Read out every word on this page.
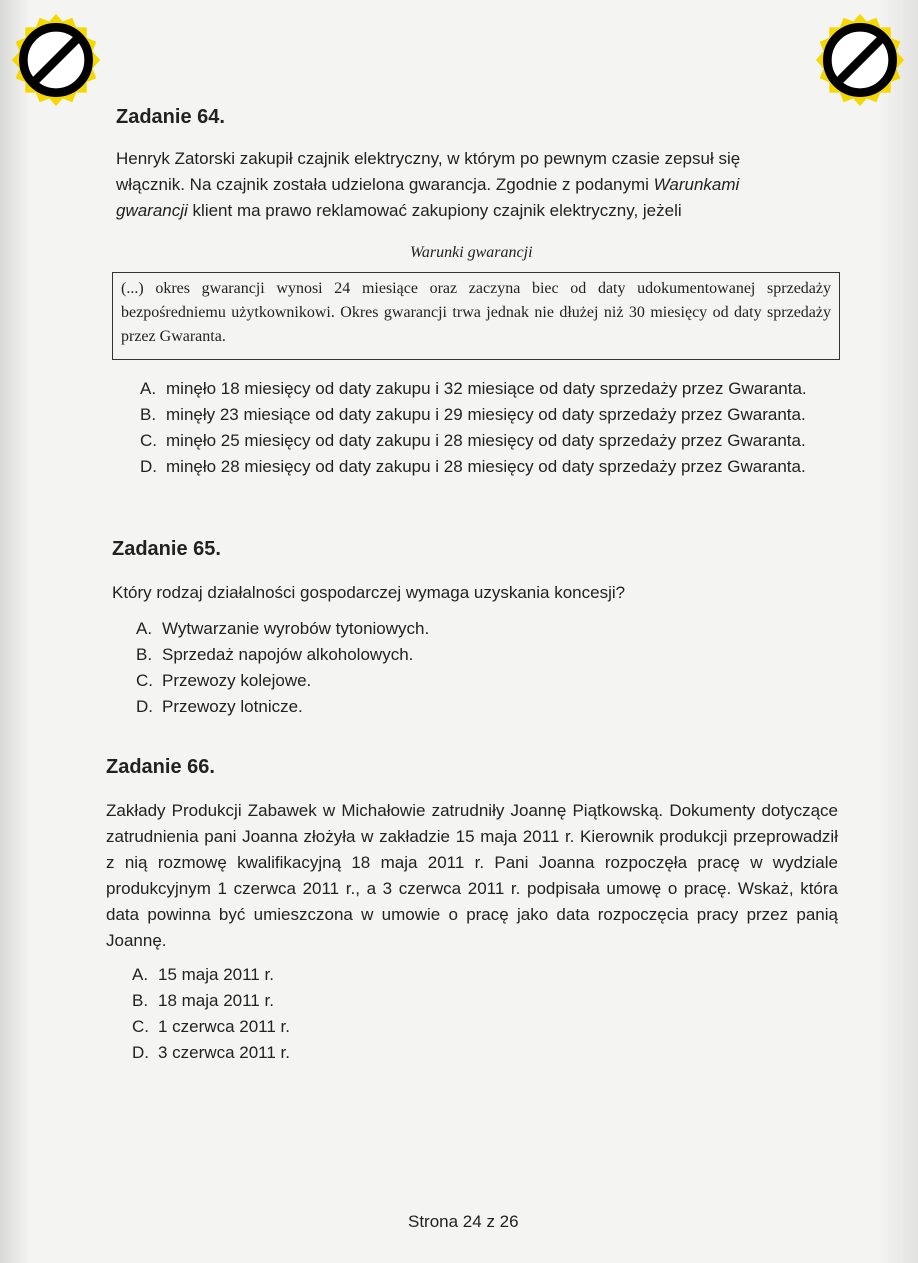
Zadanie 64.

Henryk Zatorski zakupił czajnik elektryczny, w którym po pewnym czasie zepsuł się
włącznik. Na czajnik została udzielona gwarancja. Zgodnie z podanymi Warunkami
gwarancji klient ma prawo reklamować zakupiony czajnik elektryczny, jeżeli

Warunki gwarancji
(...) okres gwarancji wynosi 24 miesiące oraz zaczyna biec od daty udokumentowanej sprzedaży bezpośredniemu użytkownikowi. Okres gwarancji trwa jednak nie dłużej niż 30 miesięcy od daty sprzedaży przez Gwaranta.
A. minęło 18 miesięcy od daty zakupu i 32 miesiące od daty sprzedaży przez Gwaranta.
B. minęły 23 miesiące od daty zakupu i 29 miesięcy od daty sprzedaży przez Gwaranta.
C. minęło 25 miesięcy od daty zakupu i 28 miesięcy od daty sprzedaży przez Gwaranta.
D. minęło 28 miesięcy od daty zakupu i 28 miesięcy od daty sprzedaży przez Gwaranta.
Zadanie 65.

Który rodzaj działalności gospodarczej wymaga uzyskania koncesji?

A. Wytwarzanie wyrobów tytoniowych.
B. Sprzedaż napojów alkoholowych.
C. Przewozy kolejowe.
D. Przewozy lotnicze.
Zadanie 66.

Zakłady Produkcji Zabawek w Michałowie zatrudniły Joannę Piątkowską. Dokumenty dotyczące zatrudnienia pani Joanna złożyła w zakładzie 15 maja 2011 r. Kierownik produkcji przeprowadził z nią rozmowę kwalifikacyjną 18 maja 2011 r. Pani Joanna rozpoczęła pracę w wydziale produkcyjnym 1 czerwca 2011 r., a 3 czerwca 2011 r. podpisała umowę o pracę. Wskaż, która data powinna być umieszczona w umowie o pracę jako data rozpoczęcia pracy przez panią Joannę.

A. 15 maja 2011 r.
B. 18 maja 2011 r.
C. 1 czerwca 2011 r.
D. 3 czerwca 2011 r.
Strona 24 z 26
